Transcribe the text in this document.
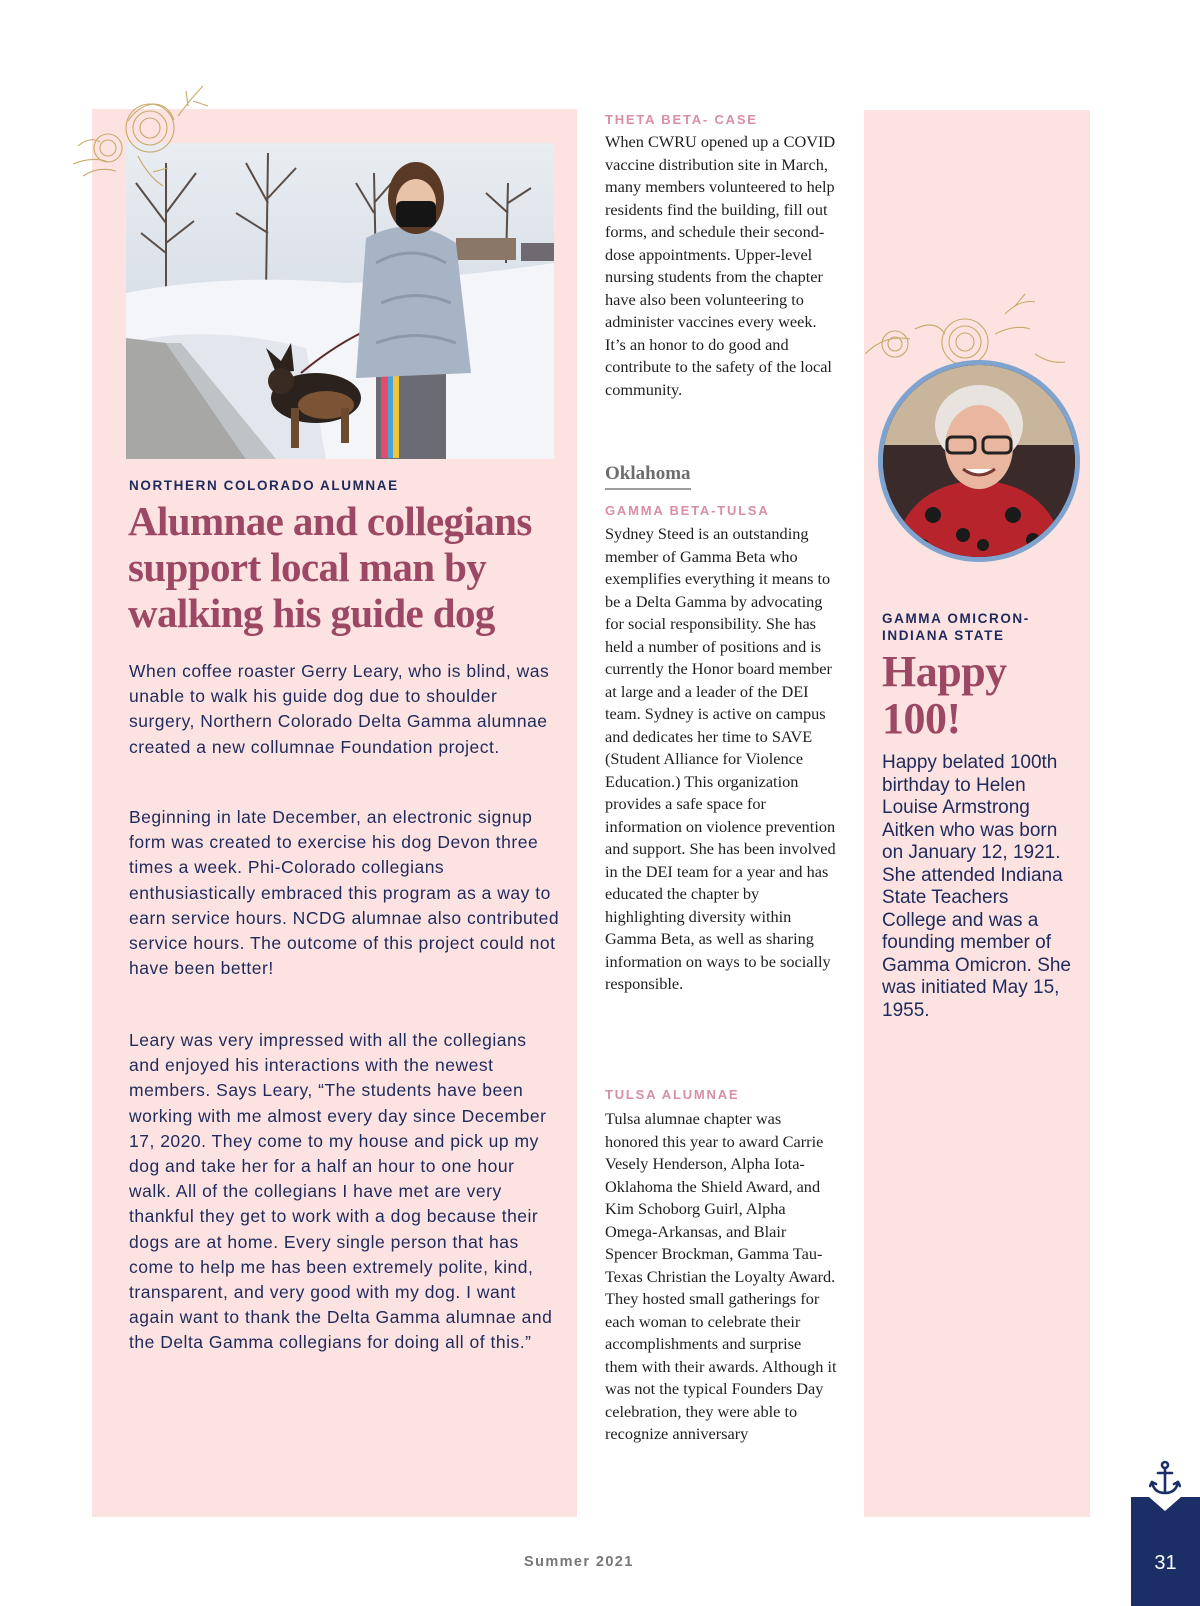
NORTHERN COLORADO ALUMNAE
Alumnae and collegians support local man by walking his guide dog

When coffee roaster Gerry Leary, who is blind, was unable to walk his guide dog due to shoulder surgery, Northern Colorado Delta Gamma alumnae created a new collumnae Foundation project.

Beginning in late December, an electronic signup form was created to exercise his dog Devon three times a week. Phi-Colorado collegians enthusiastically embraced this program as a way to earn service hours. NCDG alumnae also contributed service hours. The outcome of this project could not have been better!

Leary was very impressed with all the collegians and enjoyed his interactions with the newest members. Says Leary, “The students have been working with me almost every day since December 17, 2020. They come to my house and pick up my dog and take her for a half an hour to one hour walk. All of the collegians I have met are very thankful they get to work with a dog because their dogs are at home. Every single person that has come to help me has been extremely polite, kind, transparent, and very good with my dog. I want again want to thank the Delta Gamma alumnae and the Delta Gamma collegians for doing all of this.”

THETA BETA- CASE

When CWRU opened up a COVID vaccine distribution site in March, many members volunteered to help residents find the building, fill out forms, and schedule their second-dose appointments. Upper-level nursing students from the chapter have also been volunteering to administer vaccines every week. It’s an honor to do good and contribute to the safety of the local community.

Oklahoma
GAMMA BETA-TULSA

Sydney Steed is an outstanding member of Gamma Beta who exemplifies everything it means to be a Delta Gamma by advocating for social responsibility. She has held a number of positions and is currently the Honor board member at large and a leader of the DEI team. Sydney is active on campus and dedicates her time to SAVE (Student Alliance for Violence Education.) This organization provides a safe space for information on violence prevention and support. She has been involved in the DEI team for a year and has educated the chapter by highlighting diversity within Gamma Beta, as well as sharing information on ways to be socially responsible.

TULSA ALUMNAE

Tulsa alumnae chapter was honored this year to award Carrie Vesely Henderson, Alpha Iota-Oklahoma the Shield Award, and Kim Schoborg Guirl, Alpha Omega-Arkansas, and Blair Spencer Brockman, Gamma Tau-Texas Christian the Loyalty Award. They hosted small gatherings for each woman to celebrate their accomplishments and surprise them with their awards. Although it was not the typical Founders Day celebration, they were able to recognize anniversary

GAMMA OMICRON-INDIANA STATE
Happy 100!

Happy belated 100th birthday to Helen Louise Armstrong Aitken who was born on January 12, 1921. She attended Indiana State Teachers College and was a founding member of Gamma Omicron. She was initiated May 15, 1955.

Summer 2021	31
